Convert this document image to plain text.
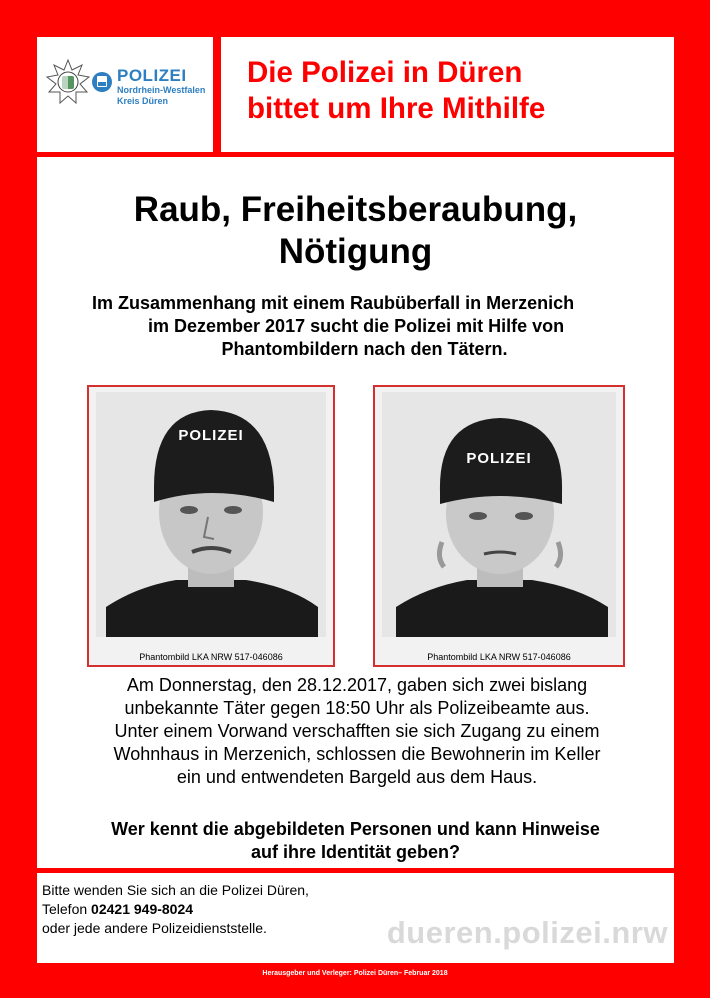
POLIZEI
Nordrhein-Westfalen
Kreis Düren
Die Polizei in Düren
bittet um Ihre Mithilfe
Raub, Freiheitsberaubung,
Nötigung
Im Zusammenhang mit einem Raubüberfall in Merzenich
im Dezember 2017 sucht die Polizei mit Hilfe von
Phantombildern nach den Tätern.
POLIZEI
Phantombild LKA NRW 517-046086
POLIZEI
Phantombild LKA NRW 517-046086
Am Donnerstag, den 28.12.2017, gaben sich zwei bislang
unbekannte Täter gegen 18:50 Uhr als Polizeibeamte aus.
Unter einem Vorwand verschafften sie sich Zugang zu einem
Wohnhaus in Merzenich, schlossen die Bewohnerin im Keller
ein und entwendeten Bargeld aus dem Haus.
Wer kennt die abgebildeten Personen und kann Hinweise
auf ihre Identität geben?
Bitte wenden Sie sich an die Polizei Düren,
Telefon 02421 949-8024
oder jede andere Polizeidienststelle.	dueren.polizei.nrw
Herausgeber und Verleger: Polizei Düren– Februar 2018
